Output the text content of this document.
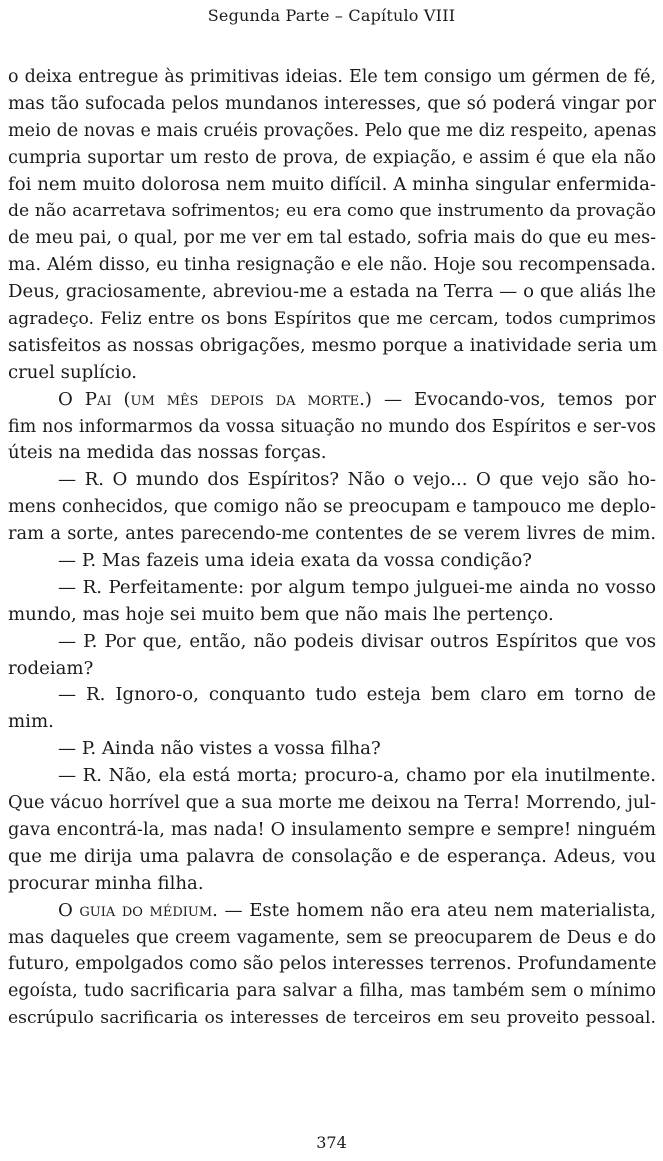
Segunda Parte – Capítulo VIII
o deixa entregue às primitivas ideias. Ele tem consigo um gérmen de fé,
mas tão sufocada pelos mundanos interesses, que só poderá vingar por
meio de novas e mais cruéis provações. Pelo que me diz respeito, apenas
cumpria suportar um resto de prova, de expiação, e assim é que ela não
foi nem muito dolorosa nem muito difícil. A minha singular enfermida-
de não acarretava sofrimentos; eu era como que instrumento da provação
de meu pai, o qual, por me ver em tal estado, sofria mais do que eu mes-
ma. Além disso, eu tinha resignação e ele não. Hoje sou recompensada.
Deus, graciosamente, abreviou-me a estada na Terra — o que aliás lhe
agradeço. Feliz entre os bons Espíritos que me cercam, todos cumprimos
satisfeitos as nossas obrigações, mesmo porque a inatividade seria um
cruel suplício.
O Pai (um mês depois da morte.) — Evocando-vos, temos por
fim nos informarmos da vossa situação no mundo dos Espíritos e ser-vos
úteis na medida das nossas forças.
— R. O mundo dos Espíritos? Não o vejo... O que vejo são ho-
mens conhecidos, que comigo não se preocupam e tampouco me deplo-
ram a sorte, antes parecendo-me contentes de se verem livres de mim.
— P. Mas fazeis uma ideia exata da vossa condição?
— R. Perfeitamente: por algum tempo julguei-me ainda no vosso
mundo, mas hoje sei muito bem que não mais lhe pertenço.
— P. Por que, então, não podeis divisar outros Espíritos que vos
rodeiam?
— R. Ignoro-o, conquanto tudo esteja bem claro em torno de
mim.
— P. Ainda não vistes a vossa filha?
— R. Não, ela está morta; procuro-a, chamo por ela inutilmente.
Que vácuo horrível que a sua morte me deixou na Terra! Morrendo, jul-
gava encontrá-la, mas nada! O insulamento sempre e sempre! ninguém
que me dirija uma palavra de consolação e de esperança. Adeus, vou
procurar minha filha.
O guia do médium. — Este homem não era ateu nem materialista,
mas daqueles que creem vagamente, sem se preocuparem de Deus e do
futuro, empolgados como são pelos interesses terrenos. Profundamente
egoísta, tudo sacrificaria para salvar a filha, mas também sem o mínimo
escrúpulo sacrificaria os interesses de terceiros em seu proveito pessoal.
374
